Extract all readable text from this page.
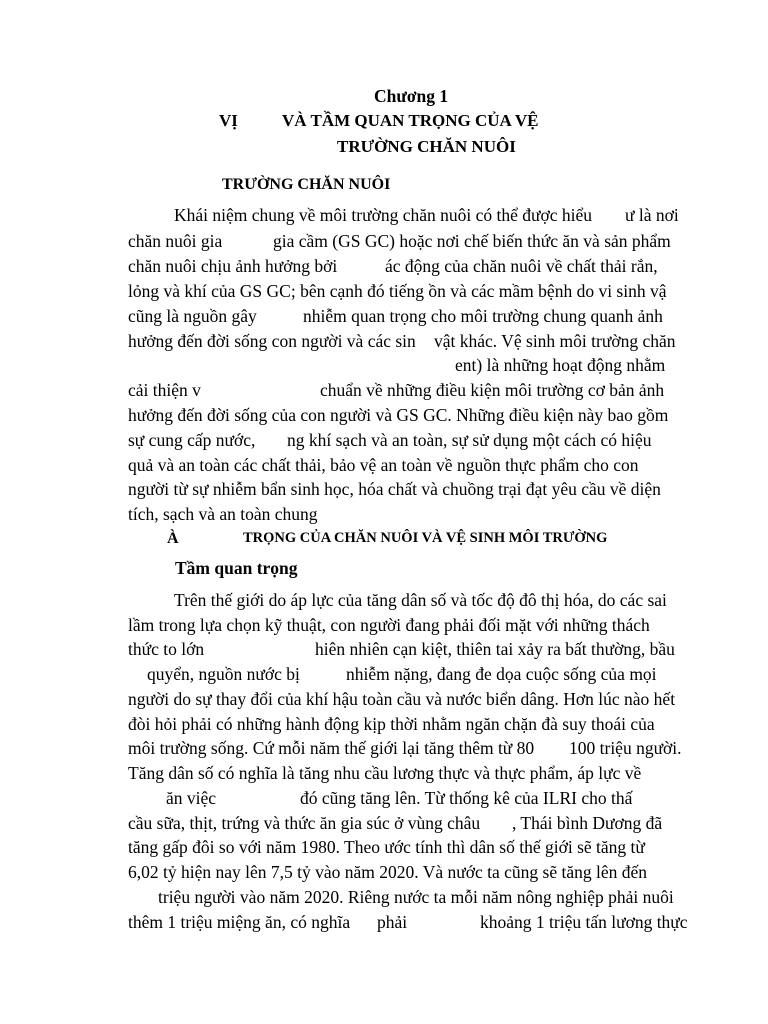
Chương 1
VỊ	VÀ TẦM QUAN TRỌNG CỦA VỆ
TRƯỜNG CHĂN NUÔI
TRƯỜNG CHĂN NUÔI
Khái niệm chung về môi trường chăn nuôi có thể được hiểu ư là nơi
chăn nuôi gia	gia cầm (GS GC) hoặc nơi chế biến thức ăn và sản phẩm
chăn nuôi chịu ảnh hưởng bởi	ác động của chăn nuôi về chất thải rắn,
lỏng và khí của GS GC; bên cạnh đó tiếng ồn và các mầm bệnh do vi sinh vậ
cũng là nguồn gây	nhiễm quan trọng cho môi trường chung quanh ảnh
hưởng đến đời sống con người và các sin vật khác. Vệ sinh môi trường chăn
ent) là những hoạt động nhằm
cải thiện v	chuẩn về những điều kiện môi trường cơ bản ảnh
hưởng đến đời sống của con người và GS GC. Những điều kiện này bao gồm
sự cung cấp nước, ng khí sạch và an toàn, sự sử dụng một cách có hiệu
quả và an toàn các chất thải, bảo vệ an toàn về nguồn thực phẩm cho con
người từ sự nhiễm bẩn sinh học, hóa chất và chuồng trại đạt yêu cầu về diện
tích, sạch và an toàn chung
À	TRỌNG CỦA CHĂN NUÔI VÀ VỆ SINH MÔI TRƯỜNG
Tầm quan trọng
Trên thế giới do áp lực của tăng dân số và tốc độ đô thị hóa, do các sai
lầm trong lựa chọn kỹ thuật, con người đang phải đối mặt với những thách
thức to lớn	hiên nhiên cạn kiệt, thiên tai xảy ra bất thường, bầu
quyển, nguồn nước bị	nhiễm nặng, đang đe dọa cuộc sống của mọi
người do sự thay đổi của khí hậu toàn cầu và nước biển dâng. Hơn lúc nào hết
đòi hỏi phải có những hành động kịp thời nhằm ngăn chặn đà suy thoái của
môi trường sống. Cứ mỗi năm thế giới lại tăng thêm từ 80 100 triệu người.
Tăng dân số có nghĩa là tăng nhu cầu lương thực và thực phẩm, áp lực về
ăn việc	đó cũng tăng lên. Từ thống kê của ILRI cho thấ
cầu sữa, thịt, trứng và thức ăn gia súc ở vùng châu , Thái bình Dương đã
tăng gấp đôi so với năm 1980. Theo ước tính thì dân số thế giới sẽ tăng từ
6,02 tỷ hiện nay lên 7,5 tỷ vào năm 2020. Và nước ta cũng sẽ tăng lên đến
triệu người vào năm 2020. Riêng nước ta mỗi năm nông nghiệp phải nuôi
thêm 1 triệu miệng ăn, có nghĩa phải	khoảng 1 triệu tấn lương thực
